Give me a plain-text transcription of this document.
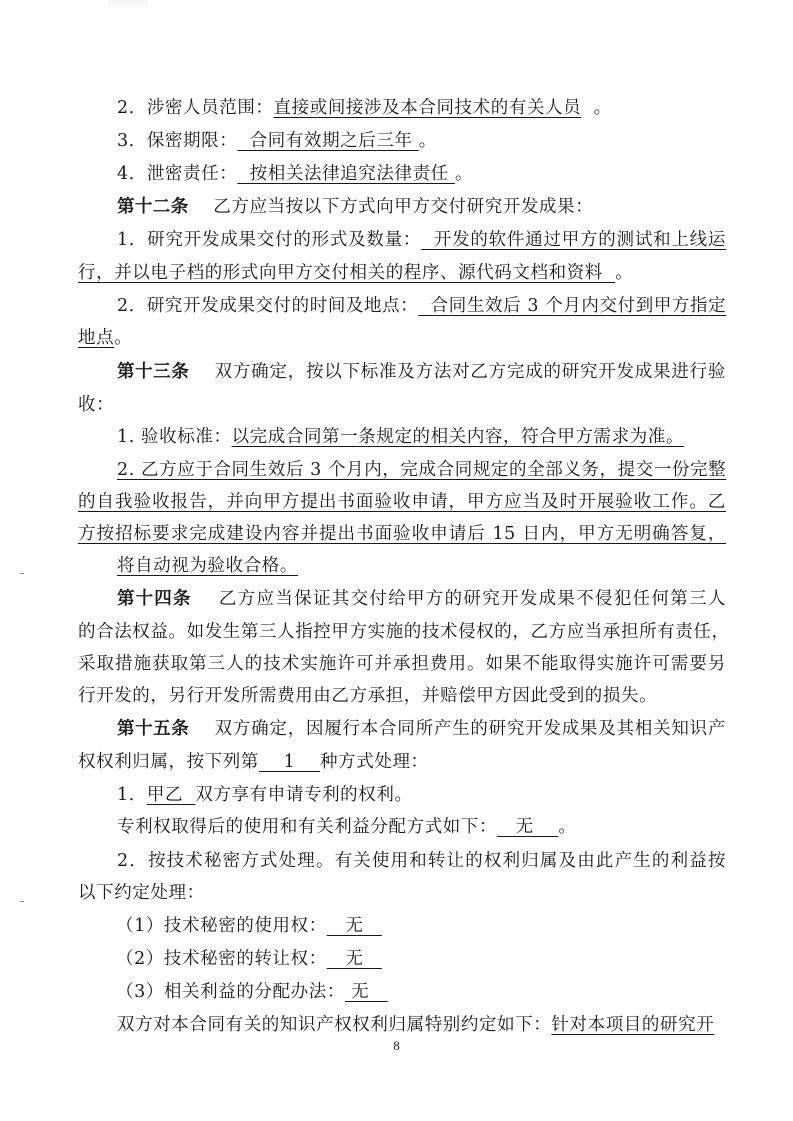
2．涉密人员范围：直接或间接涉及本合同技术的有关人员  。
3．保密期限：  合同有效期之后三年 。
4．泄密责任：  按相关法律追究法律责任 。
第十二条    乙方应当按以下方式向甲方交付研究开发成果：
1．研究开发成果交付的形式及数量：  开发的软件通过甲方的测试和上线运
行，并以电子档的形式向甲方交付相关的程序、源代码文档和资料  。
2．研究开发成果交付的时间及地点：  合同生效后 3 个月内交付到甲方指定
地点。
第十三条    双方确定，按以下标准及方法对乙方完成的研究开发成果进行验
收：
1. 验收标准：以完成合同第一条规定的相关内容，符合甲方需求为准。
2. 乙方应于合同生效后 3 个月内，完成合同规定的全部义务，提交一份完整
的自我验收报告，并向甲方提出书面验收申请，甲方应当及时开展验收工作。乙
方按招标要求完成建设内容并提出书面验收申请后 15 日内，甲方无明确答复，
将自动视为验收合格。
第十四条    乙方应当保证其交付给甲方的研究开发成果不侵犯任何第三人
的合法权益。如发生第三人指控甲方实施的技术侵权的，乙方应当承担所有责任，
采取措施获取第三人的技术实施许可并承担费用。如果不能取得实施许可需要另
行开发的，另行开发所需费用由乙方承担，并赔偿甲方因此受到的损失。
第十五条    双方确定，因履行本合同所产生的研究开发成果及其相关知识产
权权利归属，按下列第    1    种方式处理：
1．甲乙  双方享有申请专利的权利。
专利权取得后的使用和有关利益分配方式如下：   无    。
2．按技术秘密方式处理。有关使用和转让的权利归属及由此产生的利益按
以下约定处理：
（1）技术秘密的使用权：   无
（2）技术秘密的转让权：   无
（3）相关利益的分配办法： 无
双方对本合同有关的知识产权权利归属特别约定如下：针对本项目的研究开
8
